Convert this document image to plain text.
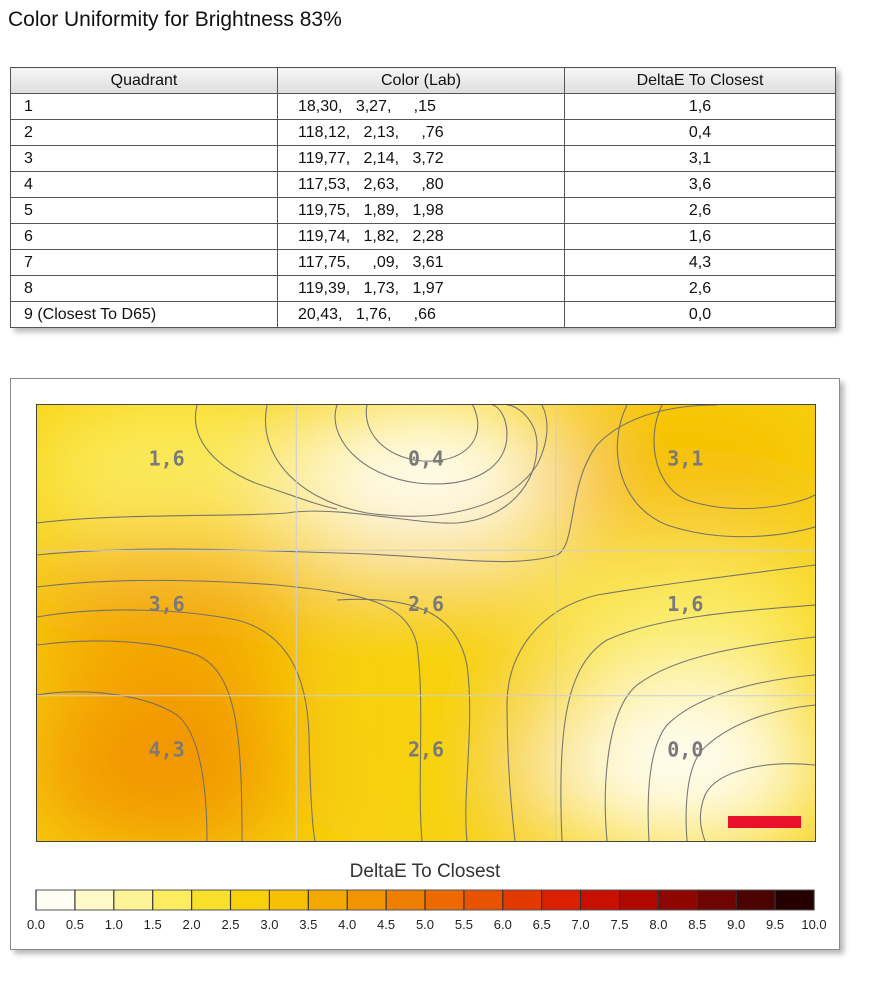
Color Uniformity for Brightness 83%
Quadrant	Color (Lab)	DeltaE To Closest
1	18,30,   3,27,     ,15	1,6
2	118,12,   2,13,     ,76	0,4
3	119,77,   2,14,   3,72	3,1
4	117,53,   2,63,     ,80	3,6
5	119,75,   1,89,   1,98	2,6
6	119,74,   1,82,   2,28	1,6
7	117,75,     ,09,   3,61	4,3
8	119,39,   1,73,   1,97	2,6
9 (Closest To D65)	20,43,   1,76,     ,66	0,0
1,6	0,4	3,1
3,6	2,6	1,6
4,3	2,6	0,0
DeltaE To Closest
0.0 0.5 1.0 1.5 2.0 2.5 3.0 3.5 4.0 4.5 5.0 5.5 6.0 6.5 7.0 7.5 8.0 8.5 9.0 9.5 10.0
